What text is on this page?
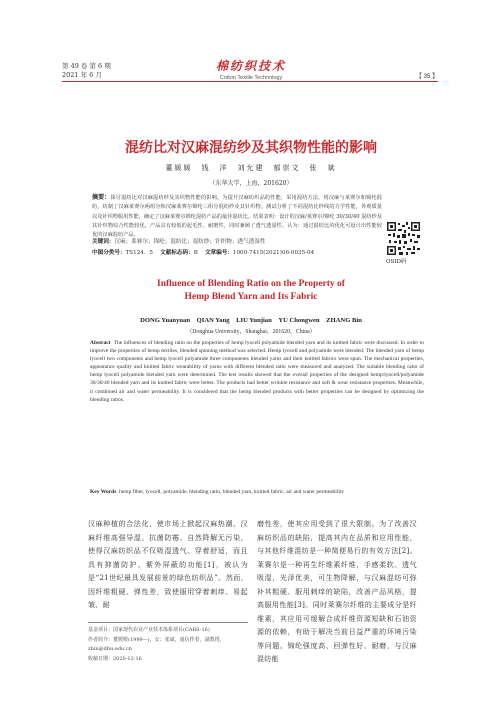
第 49 卷 第 6 期
2021 年 6 月
棉纺织技术
Cotton Textile Technology	【 35 】
混纺比对汉麻混纺纱及其织物性能的影响
董媛媛　钱　洋　刘允建　郁崇文　张　斌
（东华大学，上海，201620）
摘要：探讨混纺比对汉麻混纺纱及其织物性能的影响。为提升汉麻纺织品的性能，采用混纺方法，将汉麻与莱赛尔和锦纶混纺，纺制了汉麻莱赛尔两组分和汉麻莱赛尔锦纶三组分混纺纱及其针织物。测试分析了不同混纺比纱线的力学性能，外观质量以及针织物服用性能，确定了汉麻莱赛尔锦纶混纺产品的最佳混纺比。结果表明：设计的汉麻/莱赛尔/锦纶 30/30/40 混纺纱及其针织物综合性能较优，产品具有较低的起毛性、耐磨性，同时兼顾了透气透湿性。认为：通过混纺比的优化可设计出性能较优的汉麻混纺产品。
关键词：汉麻；莱赛尔；锦纶；混纺比；混纺纱；针织物；透气透湿性
中图分类号：TS124．5 文献标志码：B 文章编号：1000-7415(2021)06-0035-04
OSID码
Influence of Blending Ratio on the Property of
Hemp Blend Yarn and Its Fabric
DONG Yuanyuan　QIAN Yang　LIU Yunjian　YU Chongwen　ZHANG Bin
（Donghua University，Shanghai，201620，China）
Abstract The influences of blending ratio on the properties of hemp lyocell polyamide blended yarn and its knitted fabric were discussed. In order to improve the properties of hemp textiles, blended spinning method was selected. Hemp lyocell and polyamide were blended. The blended yarn of hemp lyocell two components and hemp lyocell polyamide three components blended yarns and their knitted fabrics were spun. The mechanical properties, appearance quality and knitted fabric wearability of yarns with different blended ratio were measured and analyzed. The suitable blending ratio of hemp lyocell polyamide blended yarn were determined. The test results showed that the overall properties of the designed hemp/lyocell/polyamide 30/30/40 blended yarn and its knitted fabric were better. The products had better wrinkle resistance and soft & wear resistance properties. Meanwhile, it combined air and water permeability. It is considered that the hemp blended products with better properties can be designed by optimizing the blending ratios.
Key Words hemp fiber, lyocell, polyamide, blending ratio, blended yarn, knitted fabric, air and water permeability
汉麻种植的合法化，使市场上掀起汉麻热潮。汉麻纤维高强导湿、抗菌防霉、自然降解无污染，使得汉麻纺织品不仅吸湿透气、穿着舒适，而且具有抑菌防护、紫外屏蔽的功能[1]，被认为是“21世纪最具发展前景的绿色纺织品”。然而，因纤维粗硬、弹性差，致使服用穿着刺痒、易起皱、耐
磨性差，使其应用受到了很大限制。为了改善汉麻纺织品的缺陷，提高其内在品质和应用性能，与其他纤维混纺是一种简便易行的有效方法[2]。莱赛尔是一种再生纤维素纤维，手感柔软、透气吸湿，光泽优美，可生物降解，与汉麻混纺可弥补其粗硬、服用刺痒的缺陷，改善产品风格，提高服用性能[3]。同时莱赛尔纤维的主要成分是纤维素，其应用可缓解合成纤维资源短缺和石油资源的依赖，有助于解决当前日益严重的环境污染等问题。锦纶强度高、回弹性好、耐磨，与汉麻混纺能
基金项目：国家现代农业产业技术体系项目(CARS-16)
作者简介：董媛媛(1999—)，女；张斌，通信作者，副教授，zbin@dhu.edu.cn
收稿日期：2020-12-16
